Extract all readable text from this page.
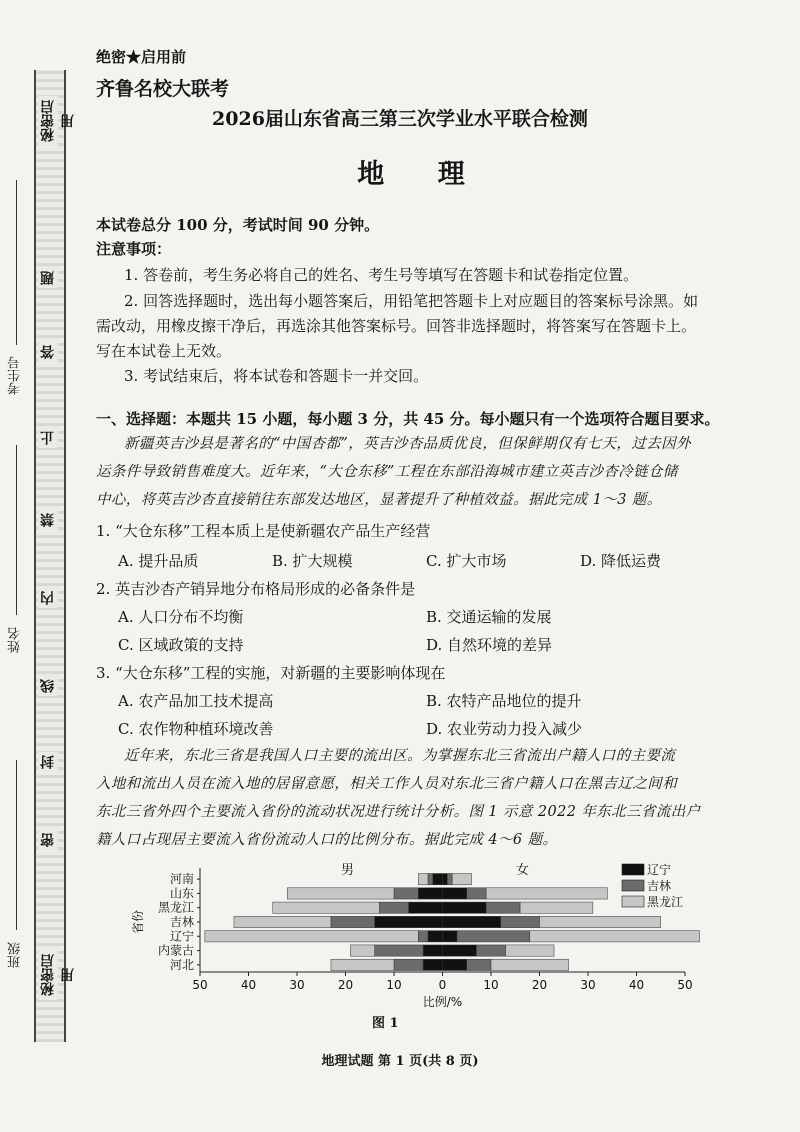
秘密启用
题
答
止
禁
内
线
封
密
秘密启用
考生号
姓名
班级
绝密★启用前
齐鲁名校大联考
2026届山东省高三第三次学业水平联合检测
地 理
本试卷总分 100 分，考试时间 90 分钟。
注意事项：
1. 答卷前，考生务必将自己的姓名、考生号等填写在答题卡和试卷指定位置。
2. 回答选择题时，选出每小题答案后，用铅笔把答题卡上对应题目的答案标号涂黑。如
需改动，用橡皮擦干净后，再选涂其他答案标号。回答非选择题时，将答案写在答题卡上。
写在本试卷上无效。
3. 考试结束后，将本试卷和答题卡一并交回。
一、选择题：本题共 15 小题，每小题 3 分，共 45 分。每小题只有一个选项符合题目要求。
新疆英吉沙县是著名的“中国杏都”，英吉沙杏品质优良，但保鲜期仅有七天，过去因外
运条件导致销售难度大。近年来，“大仓东移”工程在东部沿海城市建立英吉沙杏冷链仓储
中心，将英吉沙杏直接销往东部发达地区，显著提升了种植效益。据此完成 1～3 题。
1. “大仓东移”工程本质上是使新疆农产品生产经营
A. 提升品质	B. 扩大规模	C. 扩大市场	D. 降低运费
2. 英吉沙杏产销异地分布格局形成的必备条件是
A. 人口分布不均衡	B. 交通运输的发展
C. 区域政策的支持	D. 自然环境的差异
3. “大仓东移”工程的实施，对新疆的主要影响体现在
A. 农产品加工技术提高	B. 农特产品地位的提升
C. 农作物种植环境改善	D. 农业劳动力投入减少
近年来，东北三省是我国人口主要的流出区。为掌握东北三省流出户籍人口的主要流
入地和流出人员在流入地的居留意愿，相关工作人员对东北三省户籍人口在黑吉辽之间和
东北三省外四个主要流入省份的流动状况进行统计分析。图 1 示意 2022 年东北三省流出户
籍人口占现居主要流入省份流动人口的比例分布。据此完成 4～6 题。
河南
山东
黑龙江
吉林
辽宁
内蒙古
河北
50	40	30	20	10	0	10	20	30	40	50
比例/%
省份
男	女	辽宁
吉林
黑龙江
图 1
地理试题 第 1 页(共 8 页)
